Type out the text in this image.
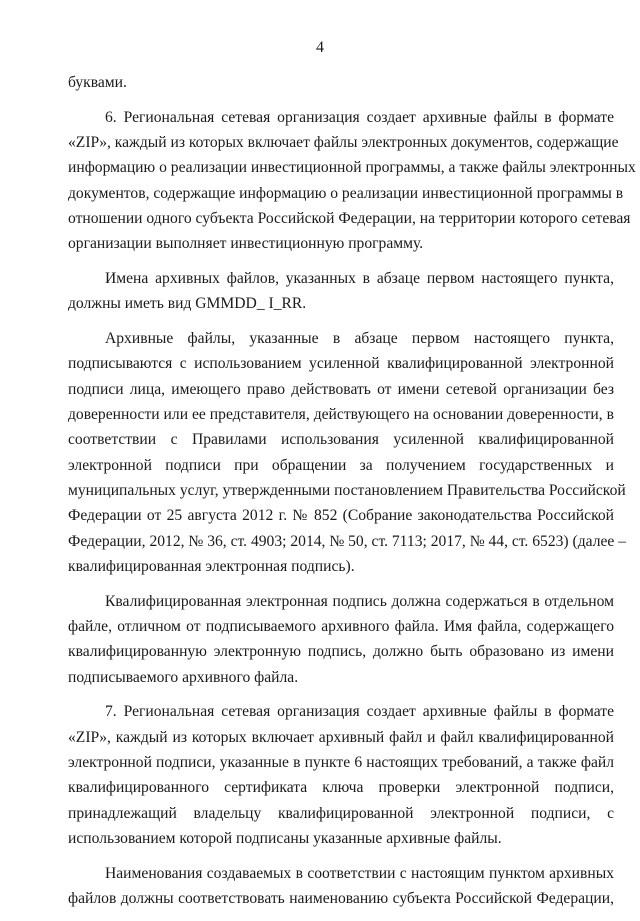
4
буквами.
6. Региональная сетевая организация создает архивные файлы в формате
«ZIP», каждый из которых включает файлы электронных документов, содержащие
информацию о реализации инвестиционной программы, а также файлы электронных
документов, содержащие информацию о реализации инвестиционной программы в
отношении одного субъекта Российской Федерации, на территории которого сетевая
организации выполняет инвестиционную программу.
Имена архивных файлов, указанных в абзаце первом настоящего пункта,
должны иметь вид GMMDD_ I_RR.
Архивные файлы, указанные в абзаце первом настоящего пункта,
подписываются с использованием усиленной квалифицированной электронной
подписи лица, имеющего право действовать от имени сетевой организации без
доверенности или ее представителя, действующего на основании доверенности, в
соответствии с Правилами использования усиленной квалифицированной
электронной подписи при обращении за получением государственных и
муниципальных услуг, утвержденными постановлением Правительства Российской
Федерации от 25 августа 2012 г. № 852 (Собрание законодательства Российской
Федерации, 2012, № 36, ст. 4903; 2014, № 50, ст. 7113; 2017, № 44, ст. 6523) (далее –
квалифицированная электронная подпись).
Квалифицированная электронная подпись должна содержаться в отдельном
файле, отличном от подписываемого архивного файла. Имя файла, содержащего
квалифицированную электронную подпись, должно быть образовано из имени
подписываемого архивного файла.
7. Региональная сетевая организация создает архивные файлы в формате
«ZIP», каждый из которых включает архивный файл и файл квалифицированной
электронной подписи, указанные в пункте 6 настоящих требований, а также файл
квалифицированного сертификата ключа проверки электронной подписи,
принадлежащий владельцу квалифицированной электронной подписи, с
использованием которой подписаны указанные архивные файлы.
Наименования создаваемых в соответствии с настоящим пунктом архивных
файлов должны соответствовать наименованию субъекта Российской Федерации,
